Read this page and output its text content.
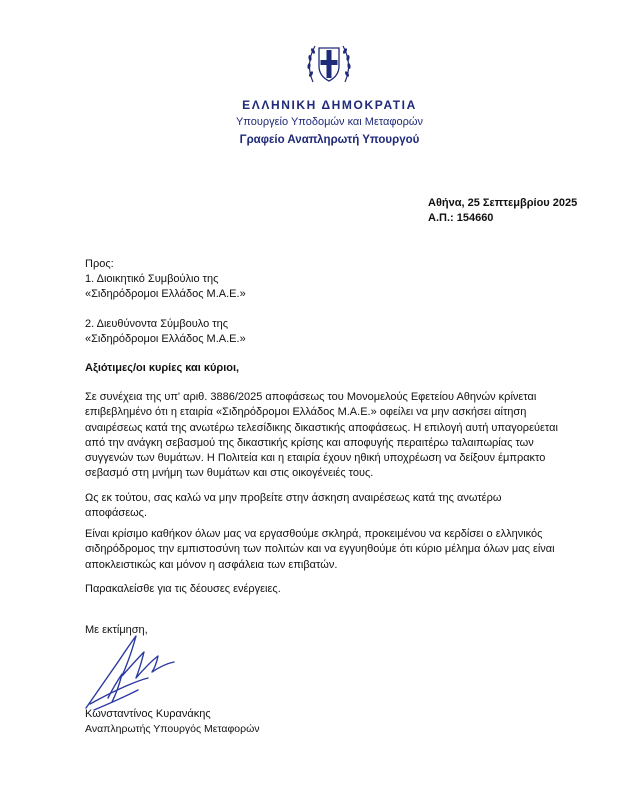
ΕΛΛΗΝΙΚΗ ΔΗΜΟΚΡΑΤΙΑ
Υπουργείο Υποδομών και Μεταφορών
Γραφείο Αναπληρωτή Υπουργού
Αθήνα, 25 Σεπτεμβρίου 2025
Α.Π.: 154660
Προς:
1. Διοικητικό Συμβούλιο της
«Σιδηρόδρομοι Ελλάδος Μ.Α.Ε.»
2. Διευθύνοντα Σύμβουλο της
«Σιδηρόδρομοι Ελλάδος Μ.Α.Ε.»
Αξιότιμες/οι κυρίες και κύριοι,
Σε συνέχεια της υπ' αριθ. 3886/2025 αποφάσεως του Μονομελούς Εφετείου Αθηνών κρίνεται επιβεβλημένο ότι η εταιρία «Σιδηρόδρομοι Ελλάδος Μ.Α.Ε.» οφείλει να μην ασκήσει αίτηση αναιρέσεως κατά της ανωτέρω τελεσίδικης δικαστικής αποφάσεως. Η επιλογή αυτή υπαγορεύεται από την ανάγκη σεβασμού της δικαστικής κρίσης και αποφυγής περαιτέρω ταλαιπωρίας των συγγενών των θυμάτων. Η Πολιτεία και η εταιρία έχουν ηθική υποχρέωση να δείξουν έμπρακτο σεβασμό στη μνήμη των θυμάτων και στις οικογένειές τους.
Ως εκ τούτου, σας καλώ να μην προβείτε στην άσκηση αναιρέσεως κατά της ανωτέρω αποφάσεως.
Είναι κρίσιμο καθήκον όλων μας να εργασθούμε σκληρά, προκειμένου να κερδίσει ο ελληνικός σιδηρόδρομος την εμπιστοσύνη των πολιτών και να εγγυηθούμε ότι κύριο μέλημα όλων μας είναι αποκλειστικώς και μόνον η ασφάλεια των επιβατών.
Παρακαλείσθε για τις δέουσες ενέργειες.
Με εκτίμηση,
Κωνσταντίνος Κυρανάκης
Αναπληρωτής Υπουργός Μεταφορών
